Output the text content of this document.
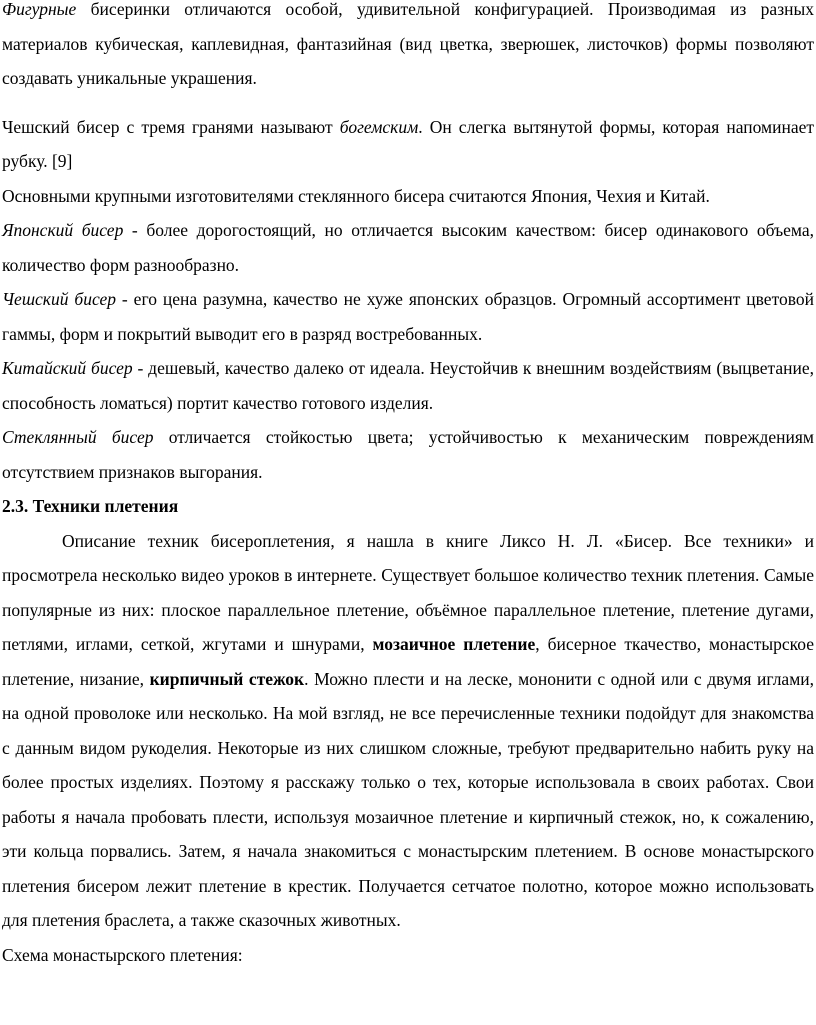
Фигурные бисеринки отличаются особой, удивительной конфигурацией. Производимая из разных материалов кубическая, каплевидная, фантазийная (вид цветка, зверюшек, листочков) формы позволяют создавать уникальные украшения.

Чешский бисер с тремя гранями называют богемским. Он слегка вытянутой формы, которая напоминает рубку. [9]

Основными крупными изготовителями стеклянного бисера считаются Япония, Чехия и Китай.

Японский бисер - более дорогостоящий, но отличается высоким качеством: бисер одинакового объема, количество форм разнообразно.

Чешский бисер - его цена разумна, качество не хуже японских образцов. Огромный ассортимент цветовой гаммы, форм и покрытий выводит его в разряд востребованных.

Китайский бисер - дешевый, качество далеко от идеала. Неустойчив к внешним воздействиям (выцветание, способность ломаться) портит качество готового изделия.

Стеклянный бисер отличается стойкостью цвета; устойчивостью к механическим повреждениям отсутствием признаков выгорания.

2.3. Техники плетения

Описание техник бисероплетения, я нашла в книге Ликсо Н. Л. «Бисер. Все техники» и просмотрела несколько видео уроков в интернете. Существует большое количество техник плетения. Самые популярные из них: плоское параллельное плетение, объёмное параллельное плетение, плетение дугами, петлями, иглами, сеткой, жгутами и шнурами, мозаичное плетение, бисерное ткачество, монастырское плетение, низание, кирпичный стежок. Можно плести и на леске, мононити с одной или с двумя иглами, на одной проволоке или несколько. На мой взгляд, не все перечисленные техники подойдут для знакомства с данным видом рукоделия. Некоторые из них слишком сложные, требуют предварительно набить руку на более простых изделиях. Поэтому я расскажу только о тех, которые использовала в своих работах. Свои работы я начала пробовать плести, используя мозаичное плетение и кирпичный стежок, но, к сожалению, эти кольца порвались. Затем, я начала знакомиться с монастырским плетением. В основе монастырского плетения бисером лежит плетение в крестик. Получается сетчатое полотно, которое можно использовать для плетения браслета, а также сказочных животных.

Схема монастырского плетения:
